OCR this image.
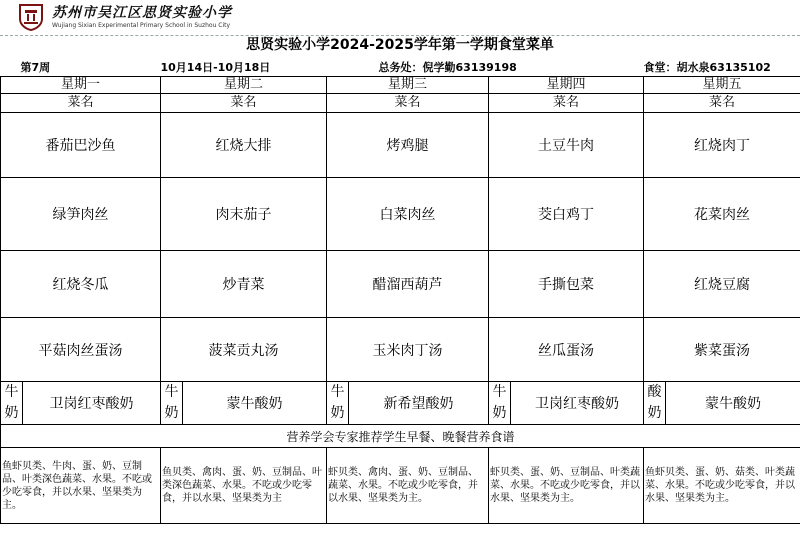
苏州市吴江区思贤实验小学
Wujiang Sixian Experimental Primary School in Suzhou City
思贤实验小学2024-2025学年第一学期食堂菜单
第7周		10月14日-10月18日			总务处：倪学勤63139198			食堂：胡水泉63135102	
星期一		星期二		星期三		星期四		星期五	
菜名		菜名		菜名		菜名		菜名	
番茄巴沙鱼		红烧大排		烤鸡腿		土豆牛肉		红烧肉丁	
绿笋肉丝		肉末茄子		白菜肉丝		茭白鸡丁		花菜肉丝	
红烧冬瓜		炒青菜		醋溜西葫芦		手撕包菜		红烧豆腐	
平菇肉丝蛋汤		菠菜贡丸汤		玉米肉丁汤		丝瓜蛋汤		紫菜蛋汤	
牛奶	卫岗红枣酸奶	牛奶	蒙牛酸奶	牛奶	新希望酸奶	牛奶	卫岗红枣酸奶	酸奶	蒙牛酸奶
营养学会专家推荐学生早餐、晚餐营养食谱									
鱼虾贝类、牛肉、蛋、奶、豆制品、叶类深色蔬菜、水果。不吃或少吃零食，并以水果、坚果类为主。		鱼贝类、禽肉、蛋、奶、豆制品、叶类深色蔬菜、水果。不吃或少吃零食，并以水果、坚果类为主		虾贝类、禽肉、蛋、奶、豆制品、蔬菜、水果。不吃或少吃零食，并以水果、坚果类为主。		虾贝类、蛋、奶、豆制品、叶类蔬菜、水果。不吃或少吃零食，并以水果、坚果类为主。		鱼虾贝类、蛋、奶、菇类、叶类蔬菜、水果。不吃或少吃零食，并以水果、坚果类为主。	
